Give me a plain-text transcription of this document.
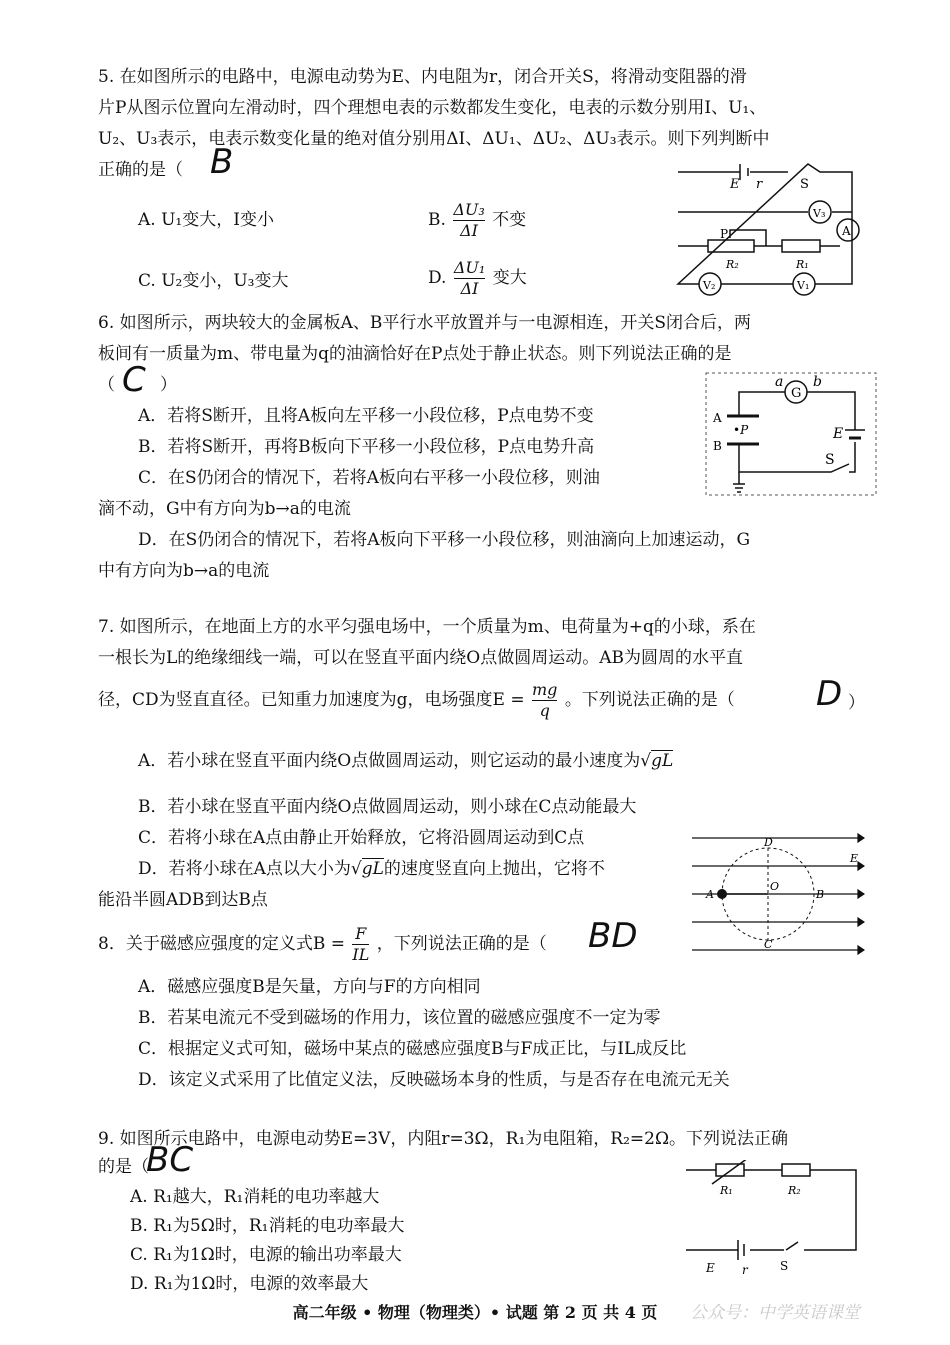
5. 在如图所示的电路中，电源电动势为E、内电阻为r，闭合开关S，将滑动变阻器的滑
片P从图示位置向左滑动时，四个理想电表的示数都发生变化，电表的示数分别用I、U₁、
U₂、U₃表示，电表示数变化量的绝对值分别用ΔI、ΔU₁、ΔU₂、ΔU₃表示。则下列判断中
正确的是（ B
A. U₁变大，I变小	B. $\frac{\text{ΔU₃}}{\Delta I}$ 不变
C. U₂变小，U₃变大	D. $\frac{\text{ΔU₁}}{\Delta I}$ 变大
E r	S
V₃
A
P
R₂	R₁
V₂	V₁
6. 如图所示，两块较大的金属板A、B平行水平放置并与一电源相连，开关S闭合后，两
板间有一质量为m、带电量为q的油滴恰好在P点处于静止状态。则下列说法正确的是
（ C ）
A．若将S断开，且将A板向左平移一小段位移，P点电势不变
B．若将S断开，再将B板向下平移一小段位移，P点电势升高
C．在S仍闭合的情况下，若将A板向右平移一小段位移，则油
滴不动，G中有方向为b→a的电流
D．在S仍闭合的情况下，若将A板向下平移一小段位移，则油滴向上加速运动，G
中有方向为b→a的电流
a b
G
A
B
•P	E
S
7. 如图所示，在地面上方的水平匀强电场中，一个质量为m、电荷量为+q的小球，系在
一根长为L的绝缘细线一端，可以在竖直平面内绕O点做圆周运动。AB为圆周的水平直
径，CD为竖直直径。已知重力加速度为g，电场强度$E = \frac{mg}{q}$ 。下列说法正确的是（ D ）
A．若小球在竖直平面内绕O点做圆周运动，则它运动的最小速度为√gL
B．若小球在竖直平面内绕O点做圆周运动，则小球在C点动能最大
C．若将小球在A点由静止开始释放，它将沿圆周运动到C点
D．若将小球在A点以大小为√gL的速度竖直向上抛出，它将不
能沿半圆ADB到达B点
D
E
A
O
B
C
8．关于磁感应强度的定义式$B = \frac{F}{IL}$ ，下列说法正确的是（ BD
A．磁感应强度B是矢量，方向与F的方向相同
B．若某电流元不受到磁场的作用力，该位置的磁感应强度不一定为零
C．根据定义式可知，磁场中某点的磁感应强度B与F成正比，与IL成反比
D．该定义式采用了比值定义法，反映磁场本身的性质，与是否存在电流元无关
9. 如图所示电路中，电源电动势E=3V，内阻r=3Ω，R₁为电阻箱，R₂=2Ω。下列说法正确
的是（
BC
A. R₁越大，R₁消耗的电功率越大
B. R₁为5Ω时，R₁消耗的电功率最大
C. R₁为1Ω时，电源的输出功率最大
D. R₁为1Ω时，电源的效率最大
R₁	R₂
E r	S
高二年级 • 物理（物理类）• 试题 第 2 页 共 4 页	公众号：中学英语课堂
